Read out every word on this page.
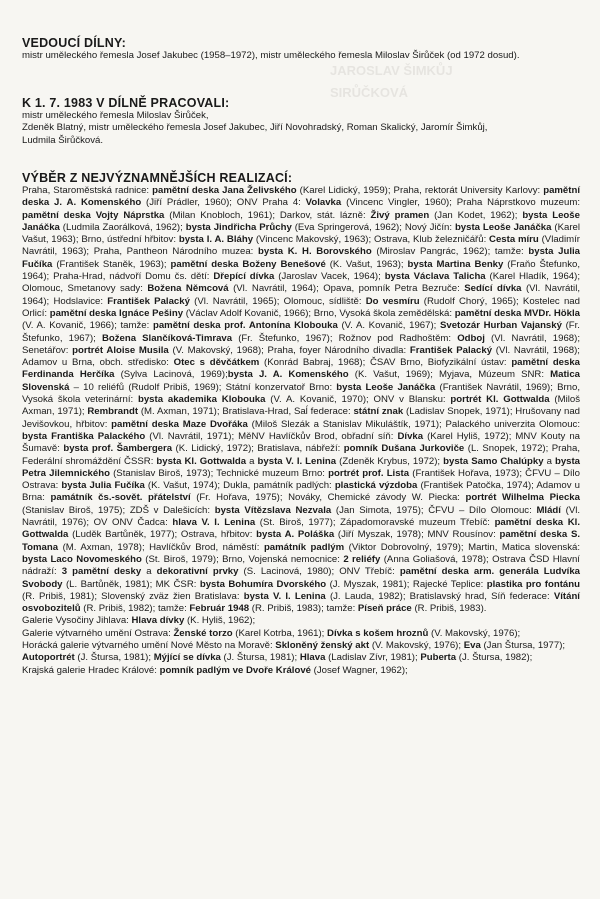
JAROSLAV ŠIMKŮJ
SIRŮČKOVÁ
VEDOUCÍ DÍLNY:

mistr uměleckého řemesla Josef Jakubec (1958–1972), mistr uměleckého řemesla Miloslav Širůček (od 1972 dosud).

K 1. 7. 1983 V DÍLNĚ PRACOVALI:

mistr uměleckého řemesla Miloslav Širůček,

Zdeněk Blatný, mistr uměleckého řemesla Josef Jakubec, Jiří Novohradský, Roman Skalický, Jaromír Šimkůj,

Ludmila Širůčková.

VÝBĚR Z NEJVÝZNAMNĚJŠÍCH REALIZACÍ:

Praha, Staroměstská radnice: pamětní deska Jana Želivského (Karel Lidický, 1959); Praha, rektorát University Karlovy: pamětní deska J. A. Komenského (Jiří Prádler, 1960); ONV Praha 4: Volavka (Vincenc Vingler, 1960); Praha Náprstkovo muzeum: pamětní deska Vojty Náprstka (Milan Knobloch, 1961); Darkov, stát. lázně: Živý pramen (Jan Kodet, 1962); bysta Leoše Janáčka (Ludmila Zaorálková, 1962); bysta Jindřicha Průchy (Eva Springerová, 1962); Nový Jičín: bysta Leoše Janáčka (Karel Vašut, 1963); Brno, ústřední hřbitov: bysta I. A. Bláhy (Vincenc Makovský, 1963); Ostrava, Klub železničářů: Cesta míru (Vladimír Navrátil, 1963); Praha, Pantheon Národního muzea: bysta K. H. Borovského (Miroslav Pangrác, 1962); tamže: bysta Julia Fučíka (František Staněk, 1963); pamětní deska Boženy Benešové (K. Vašut, 1963); bysta Martina Benky (Fraňo Štefunko, 1964); Praha-Hrad, nádvoří Domu čs. dětí: Dřepící dívka (Jaroslav Vacek, 1964); bysta Václava Talicha (Karel Hladík, 1964); Olomouc, Smetanovy sady: Božena Němcová (Vl. Navrátil, 1964); Opava, pomník Petra Bezruče: Sedící dívka (Vl. Navrátil, 1964); Hodslavice: František Palacký (Vl. Navrátil, 1965); Olomouc, sídliště: Do vesmíru (Rudolf Chorý, 1965); Kostelec nad Orlicí: pamětní deska Ignáce Pešiny (Václav Adolf Kovanič, 1966); Brno, Vysoká škola zemědělská: pamětní deska MVDr. Hökla (V. A. Kovanič, 1966); tamže: pamětní deska prof. Antonína Klobouka (V. A. Kovanič, 1967); Svetozár Hurban Vajanský (Fr. Štefunko, 1967); Božena Slančíková-Timrava (Fr. Štefunko, 1967); Rožnov pod Radhoštěm: Odboj (Vl. Navrátil, 1968); Senetářov: portrét Aloise Musila (V. Makovský, 1968); Praha, foyer Národního divadla: František Palacký (Vl. Navrátil, 1968); Adamov u Brna, obch. středisko: Otec s děvčátkem (Konrád Babraj, 1968); ČSAV Brno, Biofyzikální ústav: pamětní deska Ferdinanda Herčíka (Sylva Lacinová, 1969);bysta J. A. Komenského (K. Vašut, 1969); Myjava, Múzeum SNR: Matica Slovenská – 10 reliéfů (Rudolf Pribiš, 1969); Státní konzervatoř Brno: bysta Leoše Janáčka (František Navrátil, 1969); Brno, Vysoká škola veterinární: bysta akademika Klobouka (V. A. Kovanič, 1970); ONV v Blansku: portrét Kl. Gottwalda (Miloš Axman, 1971); Rembrandt (M. Axman, 1971); Bratislava-Hrad, Saĺ federace: státní znak (Ladislav Snopek, 1971); Hrušovany nad Jevišovkou, hřbitov: pamětní deska Maze Dvořáka (Miloš Slezák a Stanislav Mikuláštík, 1971); Palackého univerzita Olomouc: bysta Františka Palackého (Vl. Navrátil, 1971); MěNV Havlíčkův Brod, obřadní síň: Dívka (Karel Hyliš, 1972); MNV Kouty na Šumavě: bysta prof. Šambergera (K. Lidický, 1972); Bratislava, nábřeží: pomník Dušana Jurkoviče (L. Snopek, 1972); Praha, Federální shromáždění ČSSR: bysta Kl. Gottwalda a bysta V. I. Lenina (Zdeněk Krybus, 1972); bysta Samo Chalúpky a bysta Petra Jilemnického (Stanislav Biroš, 1973); Technické muzeum Brno: portrét prof. Lista (František Hořava, 1973); ČFVU – Dílo Ostrava: bysta Julia Fučíka (K. Vašut, 1974); Dukla, památník padlých: plastická výzdoba (František Patočka, 1974); Adamov u Brna: památník čs.-sovět. přátelství (Fr. Hořava, 1975); Nováky, Chemické závody W. Piecka: portrét Wilhelma Piecka (Stanislav Biroš, 1975); ZDŠ v Dalešicích: bysta Vítězslava Nezvala (Jan Simota, 1975); ČFVU – Dílo Olomouc: Mládí (Vl. Navrátil, 1976); OV ONV Čadca: hlava V. I. Lenina (St. Biroš, 1977); Západomoravské muzeum Třebíč: pamětní deska Kl. Gottwalda (Luděk Bartůněk, 1977); Ostrava, hřbitov: bysta A. Poláška (Jiří Myszak, 1978); MNV Rousínov: pamětní deska S. Tomana (M. Axman, 1978); Havlíčkův Brod, náměstí: památník padlým (Viktor Dobrovolný, 1979); Martin, Matica slovenská: bysta Laco Novomeského (St. Biroš, 1979); Brno, Vojenská nemocnice: 2 reliéfy (Anna Goliašová, 1978); Ostrava ČSD Hlavní nádraží: 3 pamětní desky a dekorativní prvky (S. Lacinová, 1980); ONV Třebíč: pamětní deska arm. generála Ludvíka Svobody (L. Bartůněk, 1981); MK ČSR: bysta Bohumíra Dvorského (J. Myszak, 1981); Rajecké Teplice: plastika pro fontánu (R. Pribiš, 1981); Slovenský zväz žien Bratislava: bysta V. I. Lenina (J. Lauda, 1982); Bratislavský hrad, Síň federace: Vítání osvobozitelů (R. Pribiš, 1982); tamže: Február 1948 (R. Pribiš, 1983); tamže: Píseň práce (R. Pribiš, 1983).

Galerie Vysočiny Jihlava: Hlava dívky (K. Hyliš, 1962);

Galerie výtvarného umění Ostrava: Ženské torzo (Karel Kotrba, 1961); Dívka s košem hroznů (V. Makovský, 1976);

Horácká galerie výtvarného umění Nové Město na Moravě: Skloněný ženský akt (V. Makovský, 1976); Eva (Jan Štursa, 1977); Autoportrét (J. Štursa, 1981); Mýjící se dívka (J. Štursa, 1981); Hlava (Ladislav Zívr, 1981); Puberta (J. Štursa, 1982);

Krajská galerie Hradec Králové: pomník padlým ve Dvoře Králové (Josef Wagner, 1962);
